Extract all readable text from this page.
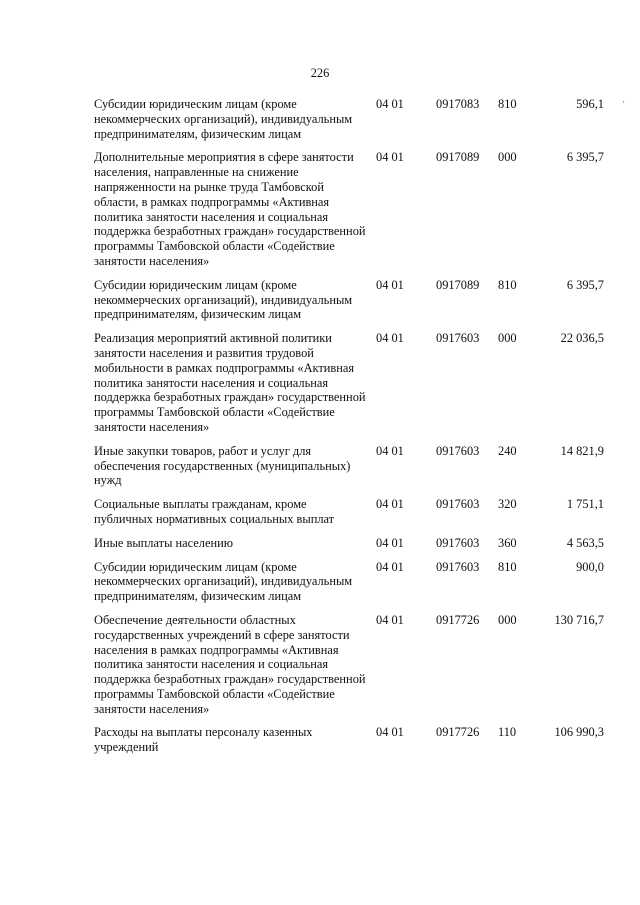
226
·
Субсидии юридическим лицам (кроме некоммерческих организаций), индивидуальным предпринимателям, физическим лицам	04 01	0917083	810	596,1
Дополнительные мероприятия в сфере занятости населения, направленные на снижение напряженности на рынке труда Тамбовской области, в рамках подпрограммы «Активная политика занятости населения и социальная поддержка безработных граждан» государственной программы Тамбовской области «Содействие занятости населения»	04 01	0917089	000	6 395,7
Субсидии юридическим лицам (кроме некоммерческих организаций), индивидуальным предпринимателям, физическим лицам	04 01	0917089	810	6 395,7
Реализация мероприятий активной политики занятости населения и развития трудовой мобильности в рамках подпрограммы «Активная политика занятости населения и социальная поддержка безработных граждан» государственной программы Тамбовской области «Содействие занятости населения»	04 01	0917603	000	22 036,5
Иные закупки товаров, работ и услуг для обеспечения государственных (муниципальных) нужд	04 01	0917603	240	14 821,9
Социальные выплаты гражданам, кроме публичных нормативных социальных выплат	04 01	0917603	320	1 751,1
Иные выплаты населению	04 01	0917603	360	4 563,5
Субсидии юридическим лицам (кроме некоммерческих организаций), индивидуальным предпринимателям, физическим лицам	04 01	0917603	810	900,0
Обеспечение деятельности областных государственных учреждений в сфере занятости населения в рамках подпрограммы «Активная политика занятости населения и социальная поддержка безработных граждан» государственной программы Тамбовской области «Содействие занятости населения»	04 01	0917726	000	130 716,7
Расходы на выплаты персоналу казенных учреждений	04 01	0917726	110	106 990,3
